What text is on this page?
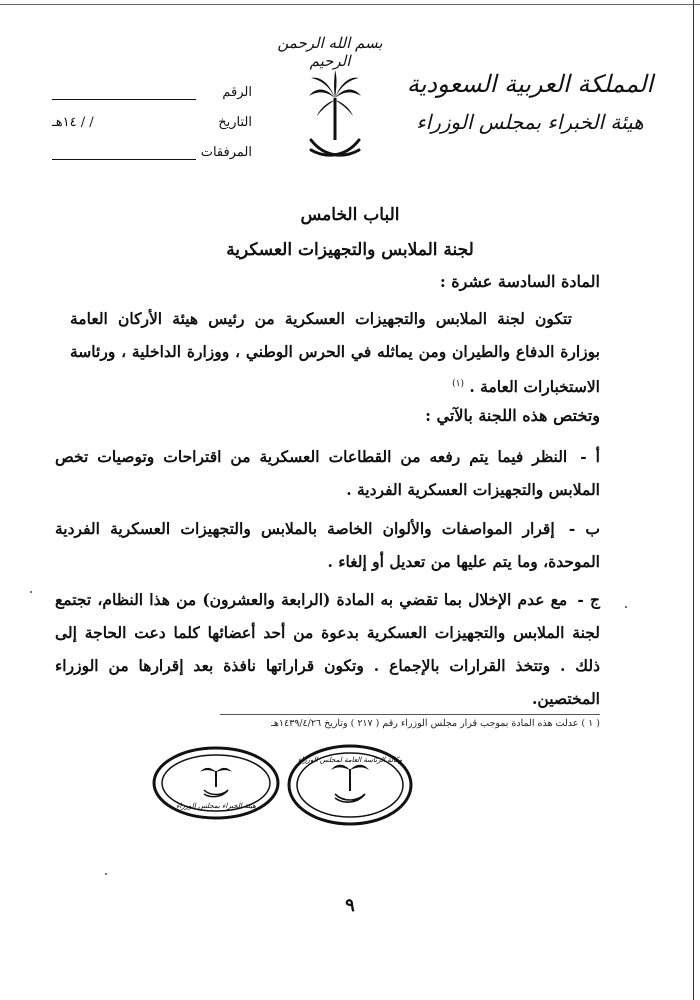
بسم الله الرحمن الرحيم
المملكة العربية السعودية
هيئة الخبراء بمجلس الوزراء
الرقم
التاريخ
/ / ١٤هـ
المرفقات
الباب الخامس
لجنة الملابس والتجهيزات العسكرية
المادة السادسة عشرة :
تتكون لجنة الملابس والتجهيزات العسكرية من رئيس هيئة الأركان العامة بوزارة الدفاع والطيران ومن يماثله في الحرس الوطني ، ووزارة الداخلية ، ورئاسة الاستخبارات العامة . $^{(١)}$
وتختص هذه اللجنة بالآتي :
أ - النظر فيما يتم رفعه من القطاعات العسكرية من اقتراحات وتوصيات تخص الملابس والتجهيزات العسكرية الفردية .
ب - إقرار المواصفات والألوان الخاصة بالملابس والتجهيزات العسكرية الفردية الموحدة، وما يتم عليها من تعديل أو إلغاء .
ج - مع عدم الإخلال بما تقضي به المادة (الرابعة والعشرون) من هذا النظام، تجتمع لجنة الملابس والتجهيزات العسكرية بدعوة من أحد أعضائها كلما دعت الحاجة إلى ذلك . وتتخذ القرارات بالإجماع . وتكون قراراتها نافذة بعد إقرارها من الوزراء المختصين.
( ١ ) عدلت هذه المادة بموجب قرار مجلس الوزراء رقم ( ٢١٧ ) وتاريخ ١٤٣٩/٤/٢٦هـ
وكالة الرئاسة العامة لمجلس الوزراء
هيئة الخبراء بمجلس الوزراء
٩
